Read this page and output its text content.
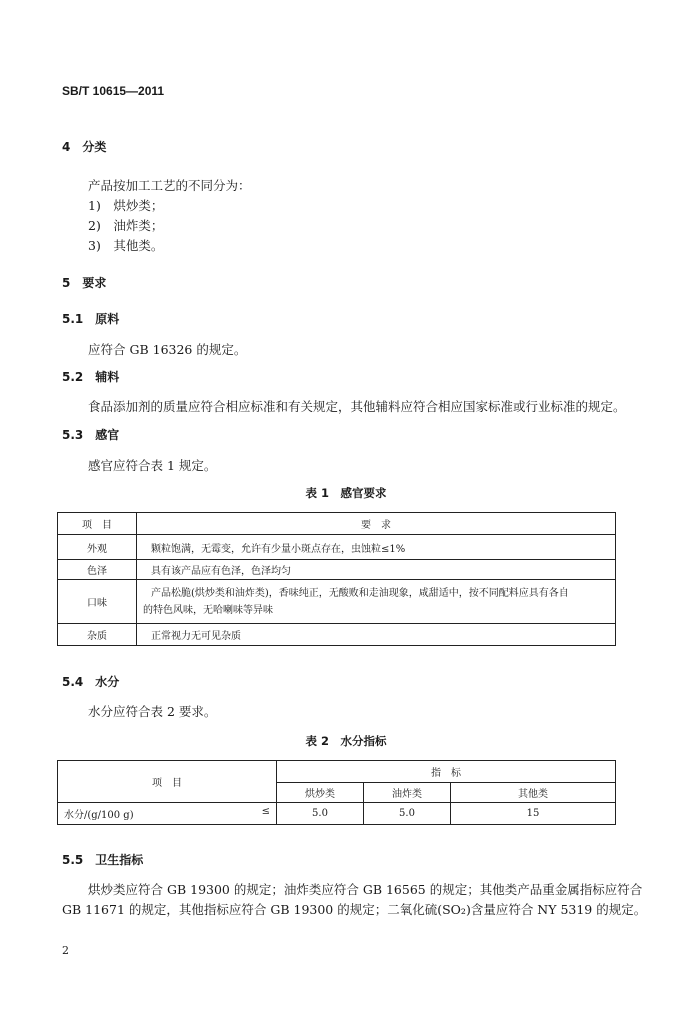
SB/T 10615—2011
4　分类
产品按加工工艺的不同分为：
1)　烘炒类；
2)　油炸类；
3)　其他类。
5　要求
5.1　原料
应符合 GB 16326 的规定。
5.2　辅料
食品添加剂的质量应符合相应标准和有关规定，其他辅料应符合相应国家标准或行业标准的规定。
5.3　感官
感官应符合表 1 规定。
表 1　感官要求
项　目	要　求
外观	颗粒饱满，无霉变，允许有少量小斑点存在，虫蚀粒≤1%
色泽	具有该产品应有色泽，色泽均匀
口味	产品松脆(烘炒类和油炸类)，香味纯正，无酸败和走油现象，咸甜适中，按不同配料应具有各自
的特色风味，无哈喇味等异味

杂质	正常视力无可见杂质
5.4　水分
水分应符合表 2 要求。
表 2　水分指标
项　目	指　标		
	烘炒类	油炸类	其他类
水分/(g/100 g) ≤	5.0	5.0	15
5.5　卫生指标
烘炒类应符合 GB 19300 的规定；油炸类应符合 GB 16565 的规定；其他类产品重金属指标应符合
GB 11671 的规定，其他指标应符合 GB 19300 的规定；二氧化硫(SO₂)含量应符合 NY 5319 的规定。
2
